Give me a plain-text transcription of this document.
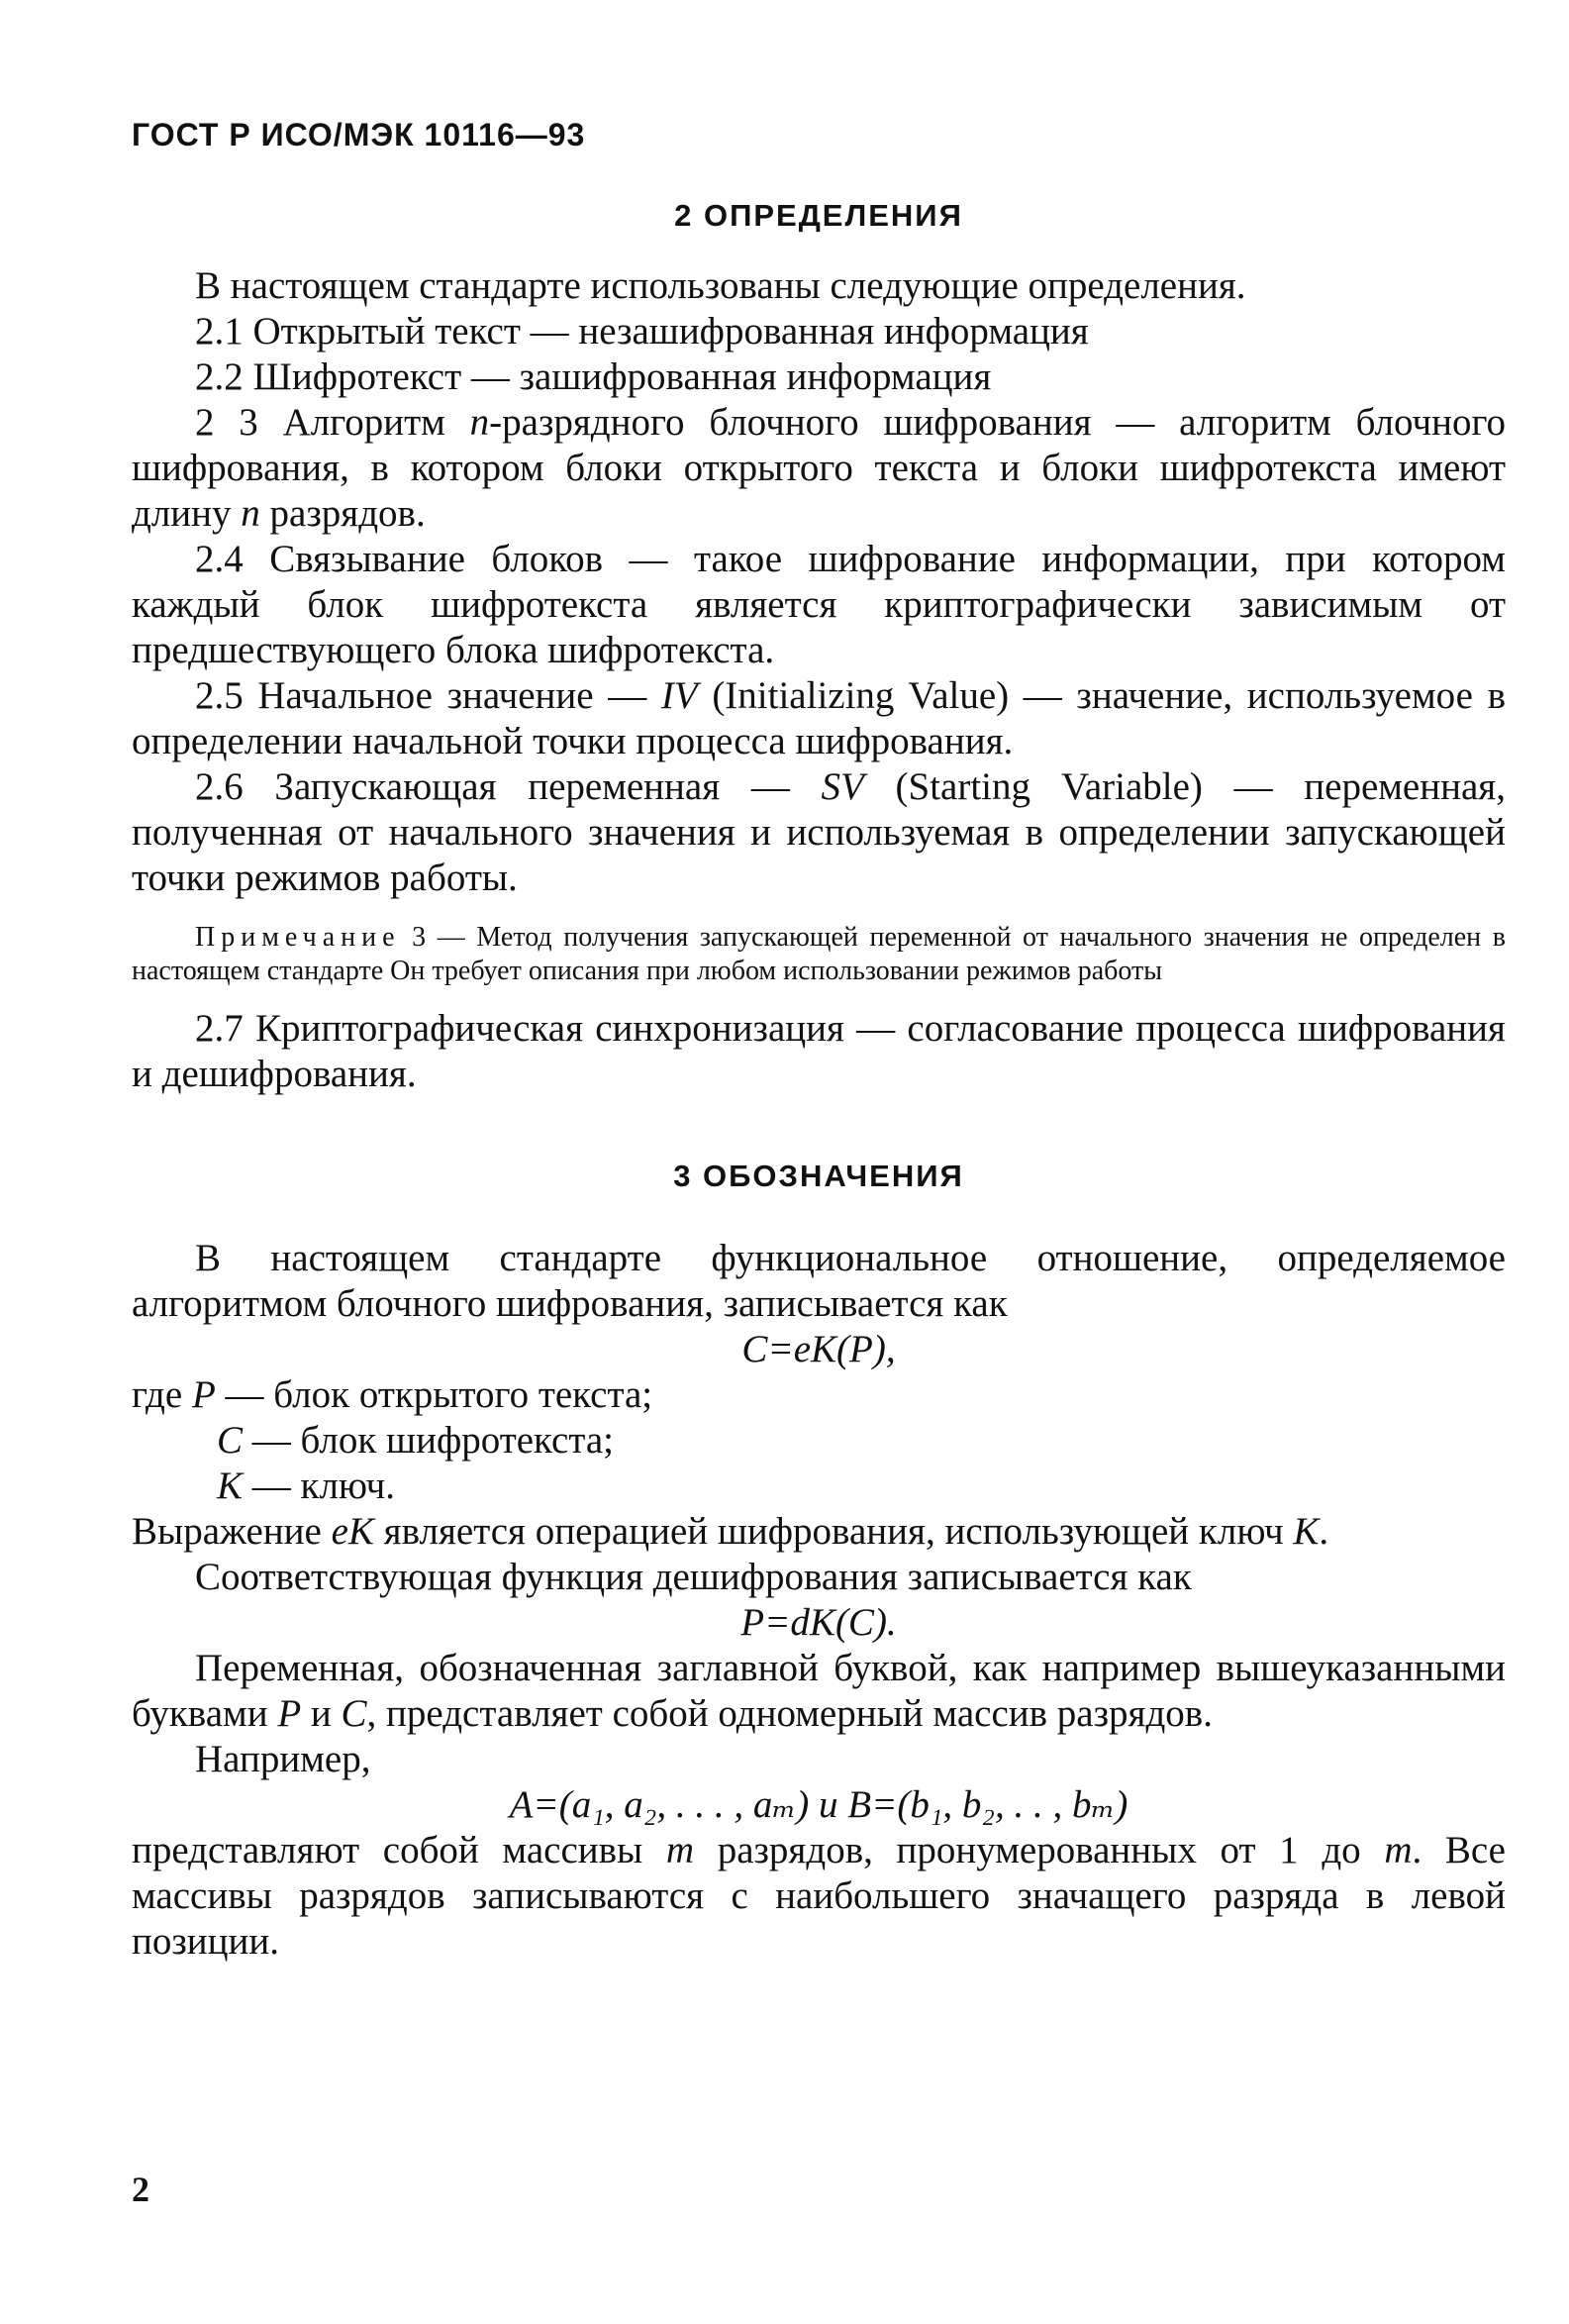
ГОСТ Р ИСО/МЭК 10116—93

2 ОПРЕДЕЛЕНИЯ

В настоящем стандарте использованы следующие определения.

2.1 Открытый текст — незашифрованная информация

2.2 Шифротекст — зашифрованная информация

2 3 Алгоритм n-разрядного блочного шифрования — алгоритм блочного шифрования, в котором блоки открытого текста и блоки шифротекста имеют длину n разрядов.

2.4 Связывание блоков — такое шифрование информации, при котором каждый блок шифротекста является криптографически зависимым от предшествующего блока шифротекста.

2.5 Начальное значение — IV (Initializing Value) — значение, используемое в определении начальной точки процесса шифрования.

2.6 Запускающая переменная — SV (Starting Variable) — переменная, полученная от начального значения и используемая в определении запускающей точки режимов работы.

Примечание 3 — Метод получения запускающей переменной от начального значения не определен в настоящем стандарте Он требует описания при любом использовании режимов работы

2.7 Криптографическая синхронизация — согласование процесса шифрования и дешифрования.

3 ОБОЗНАЧЕНИЯ

В настоящем стандарте функциональное отношение, определяемое алгоритмом блочного шифрования, записывается как

C=eK(P),

где P — блок открытого текста;

C — блок шифротекста;

K — ключ.

Выражение eK является операцией шифрования, использующей ключ K.

Соответствующая функция дешифрования записывается как

P=dK(C).

Переменная, обозначенная заглавной буквой, как например вышеуказанными буквами P и C, представляет собой одномерный массив разрядов.

Например,

A=(a₁, a₂, . . . , aₘ) и B=(b₁, b₂, . . , bₘ)

представляют собой массивы m разрядов, пронумерованных от 1 до m. Все массивы разрядов записываются с наибольшего значащего разряда в левой позиции.

2
